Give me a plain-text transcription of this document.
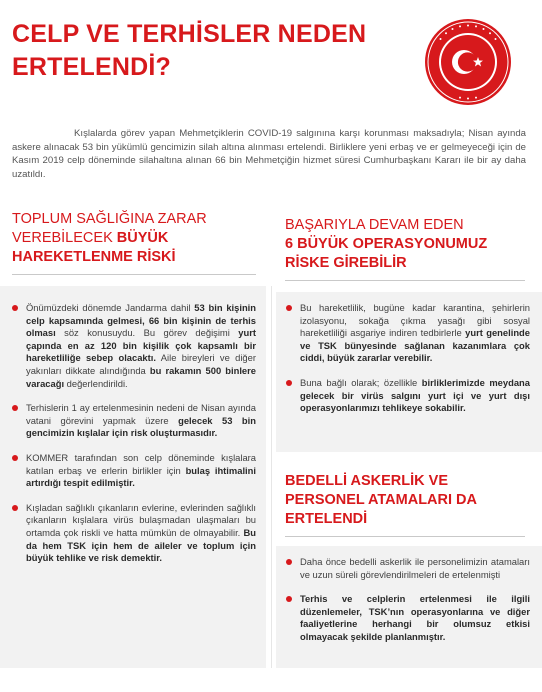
CELP VE TERHİSLER NEDEN
ERTELENDİ?

Kışlalarda görev yapan Mehmetçiklerin COVID-19 salgınına karşı korunması maksadıyla; Nisan ayında askere alınacak 53 bin yükümlü gencimizin silah altına alınması ertelendi. Birliklere yeni erbaş ve er gelmeyeceği için de Kasım 2019 celp döneminde silahaltına alınan 66 bin Mehmetçiğin hizmet süresi Cumhurbaşkanı Kararı ile bir ay daha uzatıldı.

TOPLUM SAĞLIĞINA ZARAR
VEREBİLECEK BÜYÜK
HAREKETLENME RİSKİ
Önümüzdeki dönemde Jandarma dahil 53 bin kişinin celp kapsamında gelmesi, 66 bin kişinin de terhis olması söz konusuydu. Bu görev değişimi yurt çapında en az 120 bin kişilik çok kapsamlı bir hareketliliğe sebep olacaktı. Aile bireyleri ve diğer yakınları dikkate alındığında bu rakamın 500 binlere varacağı değerlendirildi.
Terhislerin 1 ay ertelenmesinin nedeni de Nisan ayında vatani görevini yapmak üzere gelecek 53 bin gencimizin kışlalar için risk oluşturmasıdır.
KOMMER tarafından son celp döneminde kışlalara katılan erbaş ve erlerin birlikler için bulaş ihtimalini artırdığı tespit edilmiştir.
Kışladan sağlıklı çıkanların evlerine, evlerinden sağlıklı çıkanların kışlalara virüs bulaşmadan ulaşmaları bu ortamda çok riskli ve hatta mümkün de olmayabilir. Bu da hem TSK için hem de aileler ve toplum için büyük tehlike ve risk demektir.
BAŞARIYLA DEVAM EDEN
6 BÜYÜK OPERASYONUMUZ
RİSKE GİREBİLİR
Bu hareketlilik, bugüne kadar karantina, şehirlerin izolasyonu, sokağa çıkma yasağı gibi sosyal hareketliliği asgariye indiren tedbirlerle yurt genelinde ve TSK bünyesinde sağlanan kazanımlara çok ciddi, büyük zararlar verebilir.
Buna bağlı olarak; özellikle birliklerimizde meydana gelecek bir virüs salgını yurt içi ve yurt dışı operasyonlarımızı tehlikeye sokabilir.
BEDELLİ ASKERLİK VE
PERSONEL ATAMALARI DA
ERTELENDİ
Daha önce bedelli askerlik ile personelimizin atamaları ve uzun süreli görevlendirilmeleri de ertelenmişti
Terhis ve celplerin ertelenmesi ile ilgili düzenlemeler, TSK’nın operasyonlarına ve diğer faaliyetlerine herhangi bir olumsuz etkisi olmayacak şekilde planlanmıştır.
